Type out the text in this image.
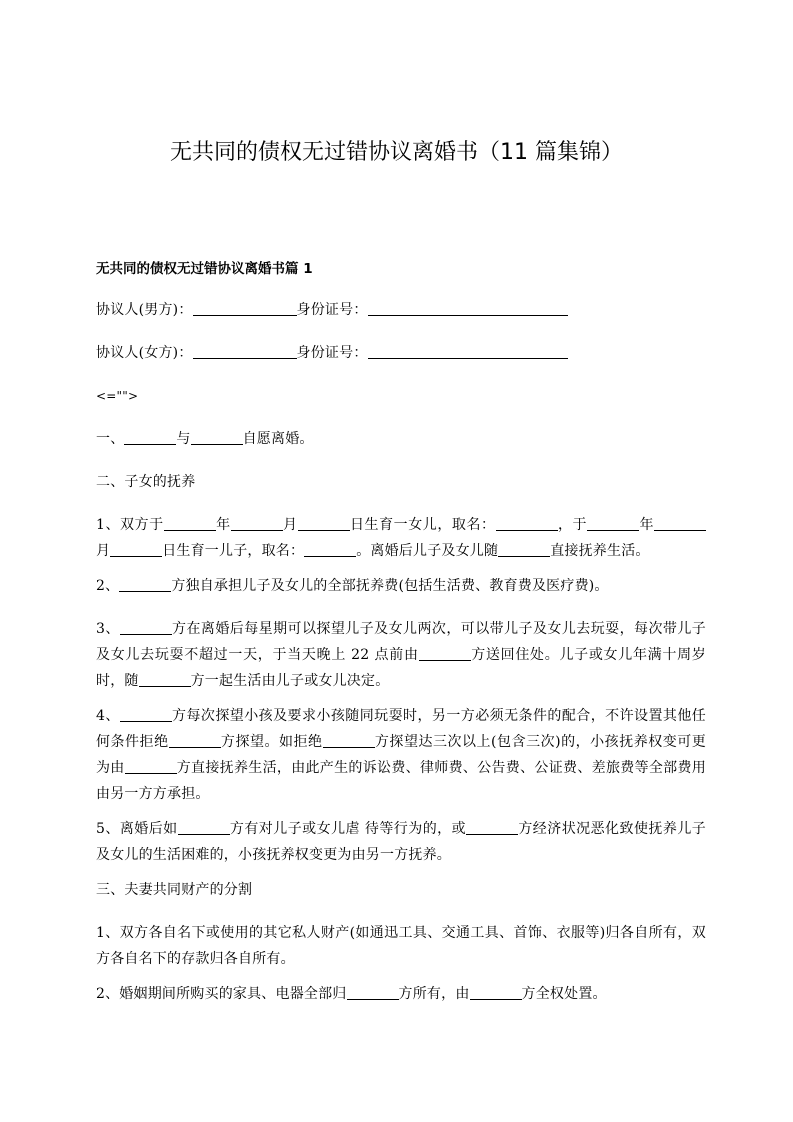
无共同的债权无过错协议离婚书（11 篇集锦）
无共同的债权无过错协议离婚书篇 1

协议人(男方)：	身份证号：

协议人(女方)：	身份证号：

<="">

一、	与	自愿离婚。

二、子女的抚养

1、双方于	年	月	日生育一女儿，取名：	，于	年月	日生育一儿子，取名：	。离婚后儿子及女儿随	直接抚养生活。

2、	方独自承担儿子及女儿的全部抚养费(包括生活费、教育费及医疗费)。

3、	方在离婚后每星期可以探望儿子及女儿两次，可以带儿子及女儿去玩耍，每次带儿子及女儿去玩耍不超过一天，于当天晚上 22 点前由	方送回住处。儿子或女儿年满十周岁时，随	方一起生活由儿子或女儿决定。

4、	方每次探望小孩及要求小孩随同玩耍时，另一方必须无条件的配合，不许设置其他任何条件拒绝	方探望。如拒绝	方探望达三次以上(包含三次)的，小孩抚养权变可更为由	方直接抚养生活，由此产生的诉讼费、律师费、公告费、公证费、差旅费等全部费用由另一方方承担。

5、离婚后如	方有对儿子或女儿虐 待等行为的，或	方经济状况恶化致使抚养儿子及女儿的生活困难的，小孩抚养权变更为由另一方抚养。

三、夫妻共同财产的分割

1、双方各自名下或使用的其它私人财产(如通迅工具、交通工具、首饰、衣服等)归各自所有，双方各自名下的存款归各自所有。

2、婚姻期间所购买的家具、电器全部归	方所有，由	方全权处置。
